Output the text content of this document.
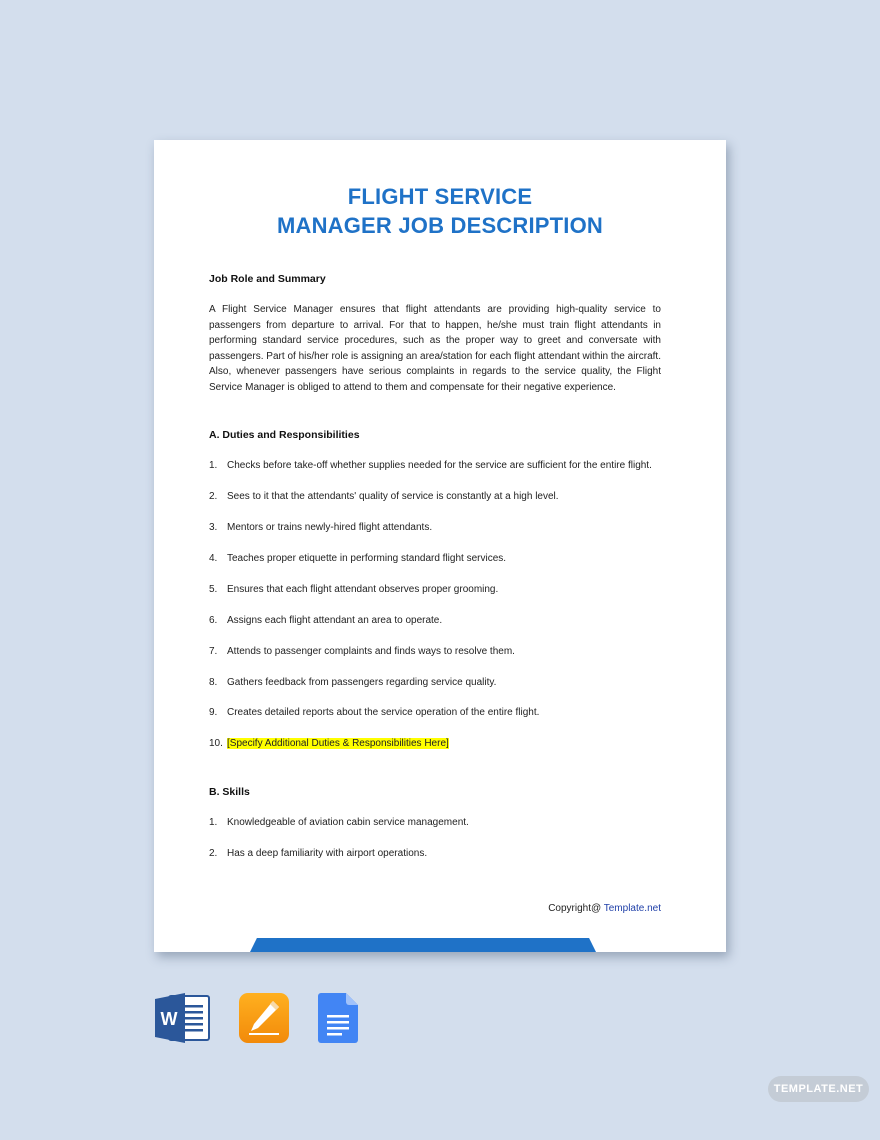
FLIGHT SERVICE
MANAGER JOB DESCRIPTION
Job Role and Summary
A Flight Service Manager ensures that flight attendants are providing high-quality service to passengers from departure to arrival. For that to happen, he/she must train flight attendants in performing standard service procedures, such as the proper way to greet and conversate with passengers. Part of his/her role is assigning an area/station for each flight attendant within the aircraft. Also, whenever passengers have serious complaints in regards to the service quality, the Flight Service Manager is obliged to attend to them and compensate for their negative experience.
A. Duties and Responsibilities
1. Checks before take-off whether supplies needed for the service are sufficient for the entire flight.
2. Sees to it that the attendants' quality of service is constantly at a high level.
3. Mentors or trains newly-hired flight attendants.
4. Teaches proper etiquette in performing standard flight services.
5. Ensures that each flight attendant observes proper grooming.
6. Assigns each flight attendant an area to operate.
7. Attends to passenger complaints and finds ways to resolve them.
8. Gathers feedback from passengers regarding service quality.
9. Creates detailed reports about the service operation of the entire flight.
10. [Specify Additional Duties & Responsibilities Here]
B. Skills
1. Knowledgeable of aviation cabin service management.
2. Has a deep familiarity with airport operations.
Copyright@ Template.net
W
TEMPLATE.NET
